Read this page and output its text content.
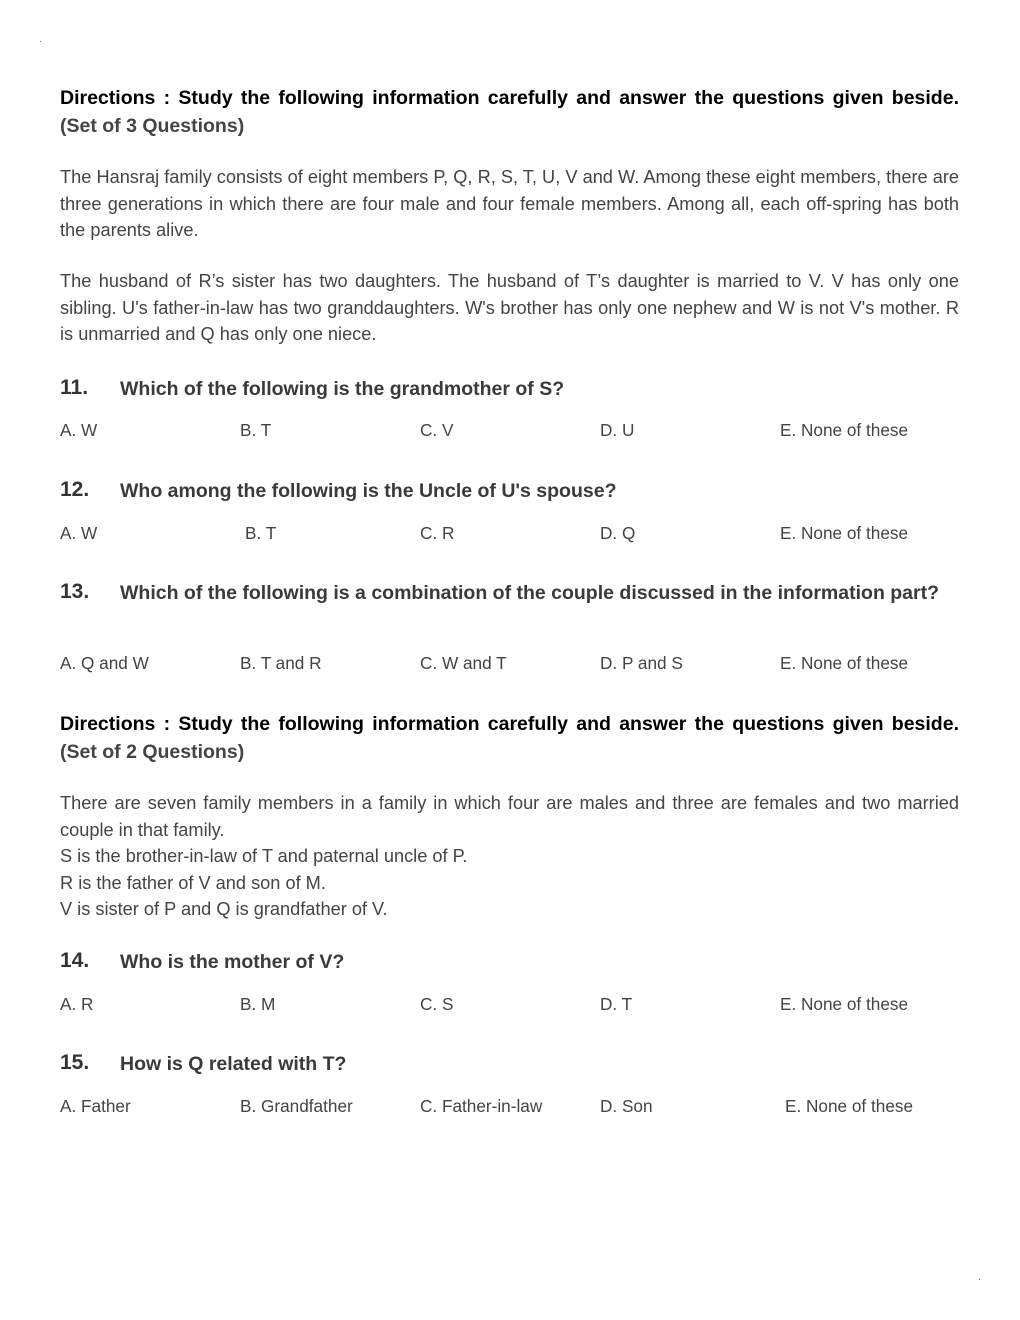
Directions : Study the following information carefully and answer the questions given beside. (Set of 3 Questions)

The Hansraj family consists of eight members P, Q, R, S, T, U, V and W. Among these eight members, there are three generations in which there are four male and four female members. Among all, each off-spring has both the parents alive.

The husband of R’s sister has two daughters. The husband of T’s daughter is married to V. V has only one sibling. U's father-in-law has two granddaughters. W's brother has only one nephew and W is not V's mother. R is unmarried and Q has only one niece.

11. Which of the following is the grandmother of S?
A. W	B. T	C. V	D. U	E. None of these
12. Who among the following is the Uncle of U's spouse?
A. W	B. T	C. R	D. Q	E. None of these
13. Which of the following is a combination of the couple discussed in the information part?
A. Q and W	B. T and R	C. W and T	D. P and S	E. None of these

Directions : Study the following information carefully and answer the questions given beside. (Set of 2 Questions)

There are seven family members in a family in which four are males and three are females and two married couple in that family.

S is the brother-in-law of T and paternal uncle of P.
R is the father of V and son of M.
V is sister of P and Q is grandfather of V.
14. Who is the mother of V?
A. R	B. M	C. S	D. T	E. None of these
15. How is Q related with T?
A. Father	B. Grandfather	C. Father-in-law	D. Son	E. None of these
